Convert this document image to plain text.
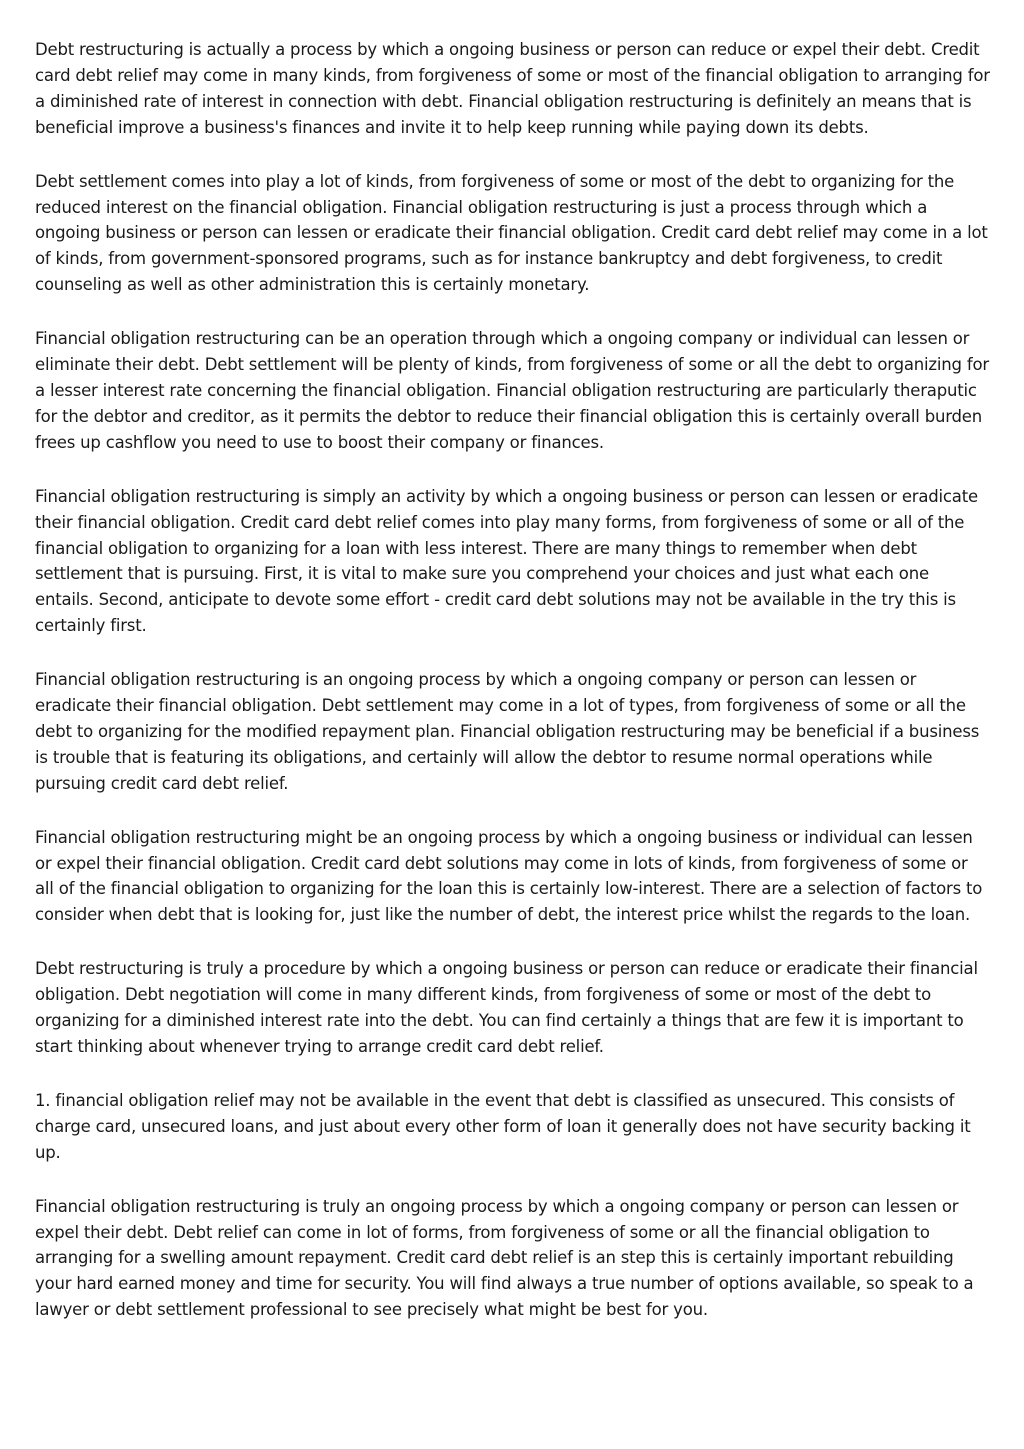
Debt restructuring is actually a process by which a ongoing business or person can reduce or expel their debt. Credit card debt relief may come in many kinds, from forgiveness of some or most of the financial obligation to arranging for a diminished rate of interest in connection with debt. Financial obligation restructuring is definitely an means that is beneficial improve a business's finances and invite it to help keep running while paying down its debts.

Debt settlement comes into play a lot of kinds, from forgiveness of some or most of the debt to organizing for the reduced interest on the financial obligation. Financial obligation restructuring is just a process through which a ongoing business or person can lessen or eradicate their financial obligation. Credit card debt relief may come in a lot of kinds, from government-sponsored programs, such as for instance bankruptcy and debt forgiveness, to credit counseling as well as other administration this is certainly monetary.

Financial obligation restructuring can be an operation through which a ongoing company or individual can lessen or eliminate their debt. Debt settlement will be plenty of kinds, from forgiveness of some or all the debt to organizing for a lesser interest rate concerning the financial obligation. Financial obligation restructuring are particularly theraputic for the debtor and creditor, as it permits the debtor to reduce their financial obligation this is certainly overall burden frees up cashflow you need to use to boost their company or finances.

Financial obligation restructuring is simply an activity by which a ongoing business or person can lessen or eradicate their financial obligation. Credit card debt relief comes into play many forms, from forgiveness of some or all of the financial obligation to organizing for a loan with less interest. There are many things to remember when debt settlement that is pursuing. First, it is vital to make sure you comprehend your choices and just what each one entails. Second, anticipate to devote some effort - credit card debt solutions may not be available in the try this is certainly first.

Financial obligation restructuring is an ongoing process by which a ongoing company or person can lessen or eradicate their financial obligation. Debt settlement may come in a lot of types, from forgiveness of some or all the debt to organizing for the modified repayment plan. Financial obligation restructuring may be beneficial if a business is trouble that is featuring its obligations, and certainly will allow the debtor to resume normal operations while pursuing credit card debt relief.

Financial obligation restructuring might be an ongoing process by which a ongoing business or individual can lessen or expel their financial obligation. Credit card debt solutions may come in lots of kinds, from forgiveness of some or all of the financial obligation to organizing for the loan this is certainly low-interest. There are a selection of factors to consider when debt that is looking for, just like the number of debt, the interest price whilst the regards to the loan.

Debt restructuring is truly a procedure by which a ongoing business or person can reduce or eradicate their financial obligation. Debt negotiation will come in many different kinds, from forgiveness of some or most of the debt to organizing for a diminished interest rate into the debt. You can find certainly a things that are few it is important to start thinking about whenever trying to arrange credit card debt relief.

1. financial obligation relief may not be available in the event that debt is classified as unsecured. This consists of charge card, unsecured loans, and just about every other form of loan it generally does not have security backing it up.

Financial obligation restructuring is truly an ongoing process by which a ongoing company or person can lessen or expel their debt. Debt relief can come in lot of forms, from forgiveness of some or all the financial obligation to arranging for a swelling amount repayment. Credit card debt relief is an step this is certainly important rebuilding your hard earned money and time for security. You will find always a true number of options available, so speak to a lawyer or debt settlement professional to see precisely what might be best for you.
